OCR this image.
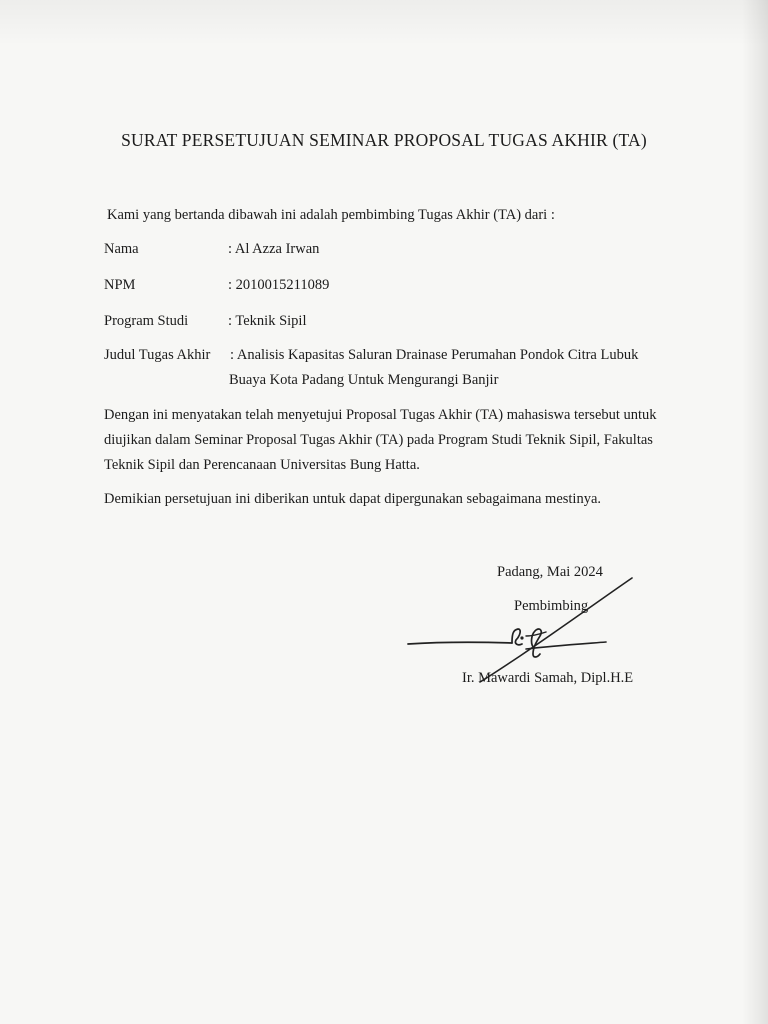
SURAT PERSETUJUAN SEMINAR PROPOSAL TUGAS AKHIR (TA)
Kami yang bertanda dibawah ini adalah pembimbing Tugas Akhir (TA) dari :
Nama	: Al Azza Irwan
NPM	: 2010015211089
Program Studi	: Teknik Sipil
Judul Tugas Akhir : Analisis Kapasitas Saluran Drainase Perumahan Pondok Citra Lubuk
Buaya Kota Padang Untuk Mengurangi Banjir
Dengan ini menyatakan telah menyetujui Proposal Tugas Akhir (TA) mahasiswa tersebut untuk
diujikan dalam Seminar Proposal Tugas Akhir (TA) pada Program Studi Teknik Sipil, Fakultas
Teknik Sipil dan Perencanaan Universitas Bung Hatta.
Demikian persetujuan ini diberikan untuk dapat dipergunakan sebagaimana mestinya.
Padang, Mai 2024
Pembimbing
Ir. Mawardi Samah, Dipl.H.E
